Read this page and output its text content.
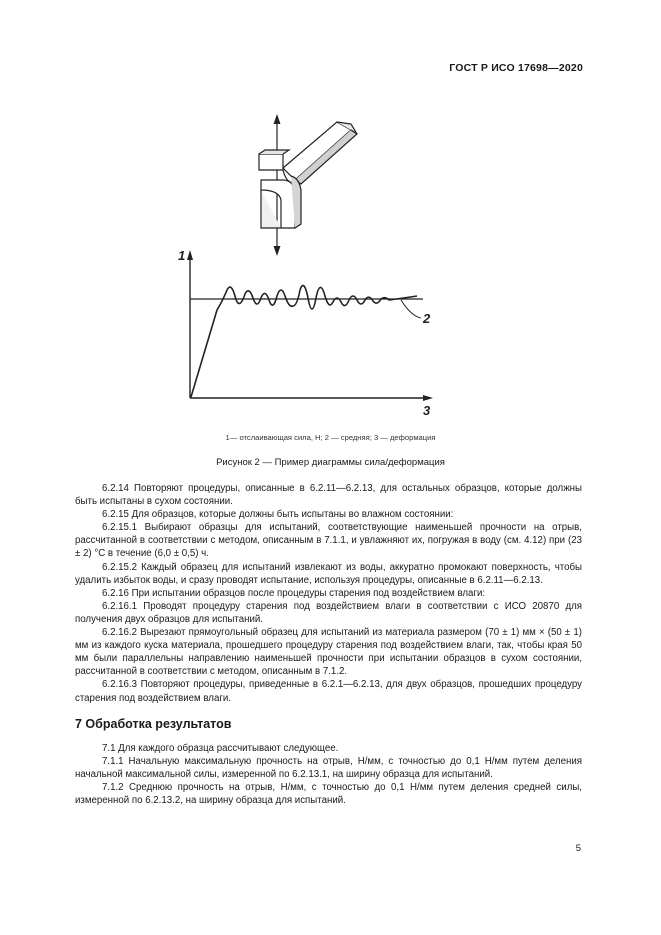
ГОСТ Р ИСО 17698—2020
1
3
2
1— отслаивающая сила, Н; 2 — средняя; 3 — деформация
Рисунок 2 — Пример диаграммы сила/деформация

6.2.14 Повторяют процедуры, описанные в 6.2.11—6.2.13, для остальных образцов, которые должны быть испытаны в сухом состоянии.

6.2.15 Для образцов, которые должны быть испытаны во влажном состоянии:

6.2.15.1 Выбирают образцы для испытаний, соответствующие наименьшей прочности на отрыв, рассчитанной в соответствии с методом, описанным в 7.1.1, и увлажняют их, погружая в воду (см. 4.12) при (23 ± 2) °С в течение (6,0 ± 0,5) ч.

6.2.15.2 Каждый образец для испытаний извлекают из воды, аккуратно промокают поверхность, чтобы удалить избыток воды, и сразу проводят испытание, используя процедуры, описанные в 6.2.11—6.2.13.

6.2.16 При испытании образцов после процедуры старения под воздействием влаги:

6.2.16.1 Проводят процедуру старения под воздействием влаги в соответствии с ИСО 20870 для получения двух образцов для испытаний.

6.2.16.2 Вырезают прямоугольный образец для испытаний из материала размером (70 ± 1) мм × (50 ± 1) мм из каждого куска материала, прошедшего процедуру старения под воздействием влаги, так, чтобы края 50 мм были параллельны направлению наименьшей прочности при испытании образцов в сухом состоянии, рассчитанной в соответствии с методом, описанным в 7.1.2.

6.2.16.3 Повторяют процедуры, приведенные в 6.2.1—6.2.13, для двух образцов, прошедших процедуру старения под воздействием влаги.

7 Обработка результатов

7.1 Для каждого образца рассчитывают следующее.

7.1.1 Начальную максимальную прочность на отрыв, Н/мм, с точностью до 0,1 Н/мм путем деления начальной максимальной силы, измеренной по 6.2.13.1, на ширину образца для испытаний.

7.1.2 Среднюю прочность на отрыв, Н/мм, с точностью до 0,1 Н/мм путем деления средней силы, измеренной по 6.2.13.2, на ширину образца для испытаний.

5
